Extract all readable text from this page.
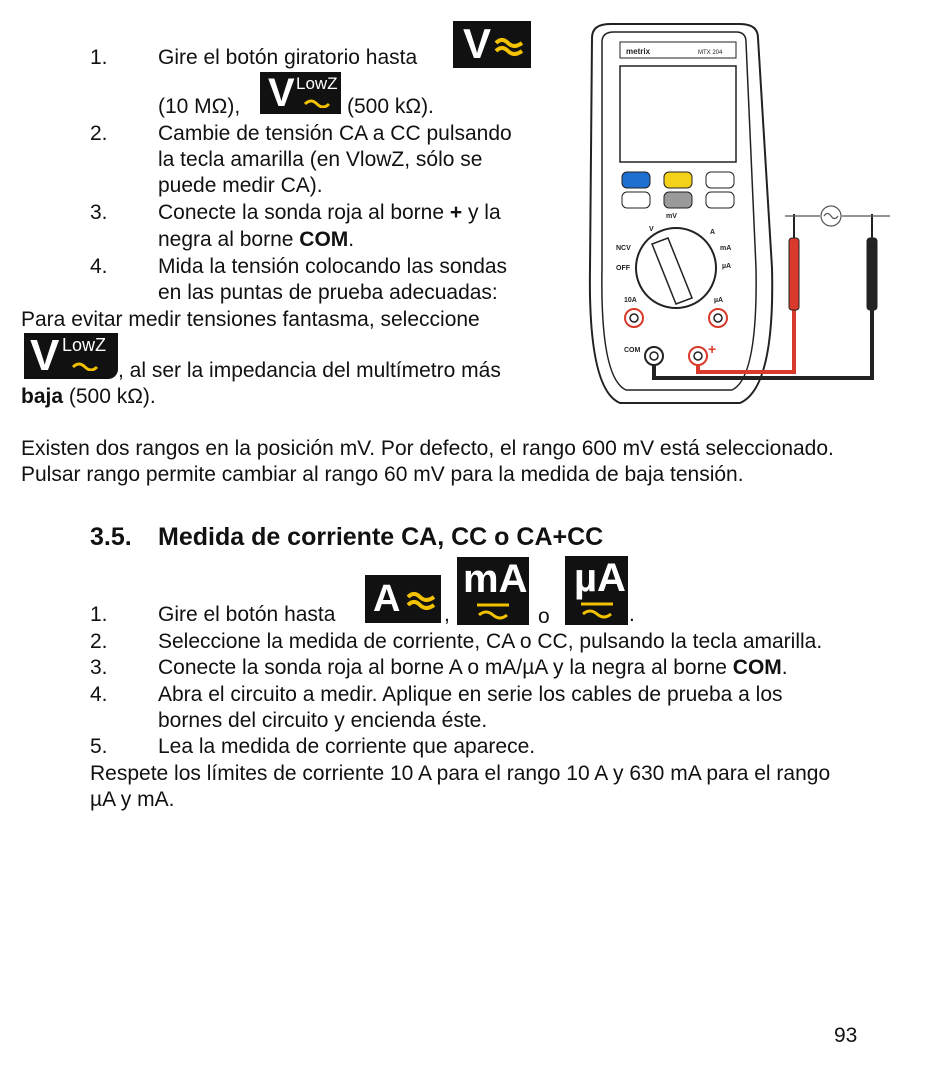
1. Gire el botón giratorio hasta V
(10 MΩ), V LowZ
(500 kΩ).
2. Cambie de tensión CA a CC pulsando
la tecla amarilla (en VlowZ, sólo se
puede medir CA).
3. Conecte la sonda roja al borne + y la
negra al borne COM.
4. Mida la tensión colocando las sondas
en las puntas de prueba adecuadas:
Para evitar medir tensiones fantasma, seleccione
V LowZ
, al ser la impedancia del multímetro más
baja (500 kΩ).
metrix	MTX 204
V
mV
NCV
OFF
A
mA
µA
10A	µA
COM	+
Existen dos rangos en la posición mV. Por defecto, el rango 600 mV está seleccionado.
Pulsar rango permite cambiar al rango 60 mV para la medida de baja tensión.
3.5. Medida de corriente CA, CC o CA+CC
1. Gire el botón hasta A ,
mA
o
µA
.
2. Seleccione la medida de corriente, CA o CC, pulsando la tecla amarilla.
3. Conecte la sonda roja al borne A o mA/µA y la negra al borne COM.
4. Abra el circuito a medir. Aplique en serie los cables de prueba a los
bornes del circuito y encienda éste.
5. Lea la medida de corriente que aparece.
Respete los límites de corriente 10 A para el rango 10 A y 630 mA para el rango
µA y mA.
93
